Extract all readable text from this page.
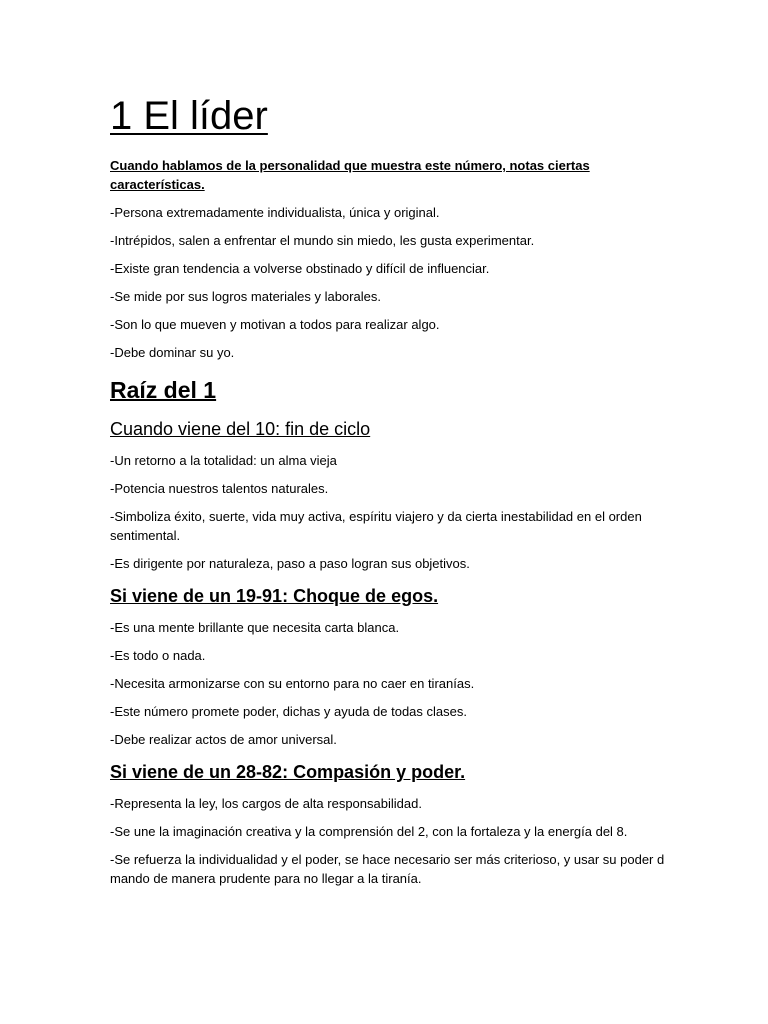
1 El líder

Cuando hablamos de la personalidad que muestra este número, notas ciertas características.

-Persona extremadamente individualista, única y original.

-Intrépidos, salen a enfrentar el mundo sin miedo, les gusta experimentar.

-Existe gran tendencia a volverse obstinado y difícil de influenciar.

-Se mide por sus logros materiales y laborales.

-Son lo que mueven y motivan a todos para realizar algo.

-Debe dominar su yo.

Raíz del 1
Cuando viene del 10: fin de ciclo

-Un retorno a la totalidad: un alma vieja

-Potencia nuestros talentos naturales.

-Simboliza éxito, suerte, vida muy activa, espíritu viajero y da cierta inestabilidad en el orden sentimental.

-Es dirigente por naturaleza, paso a paso logran sus objetivos.

Si viene de un 19-91: Choque de egos.

-Es una mente brillante que necesita carta blanca.

-Es todo o nada.

-Necesita armonizarse con su entorno para no caer en tiranías.

-Este número promete poder, dichas y ayuda de todas clases.

-Debe realizar actos de amor universal.

Si viene de un 28-82: Compasión y poder.

-Representa la ley, los cargos de alta responsabilidad.

-Se une la imaginación creativa y la comprensión del 2, con la fortaleza y la energía del 8.

-Se refuerza la individualidad y el poder, se hace necesario ser más criterioso, y usar su poder d mando de manera prudente para no llegar a la tiranía.
